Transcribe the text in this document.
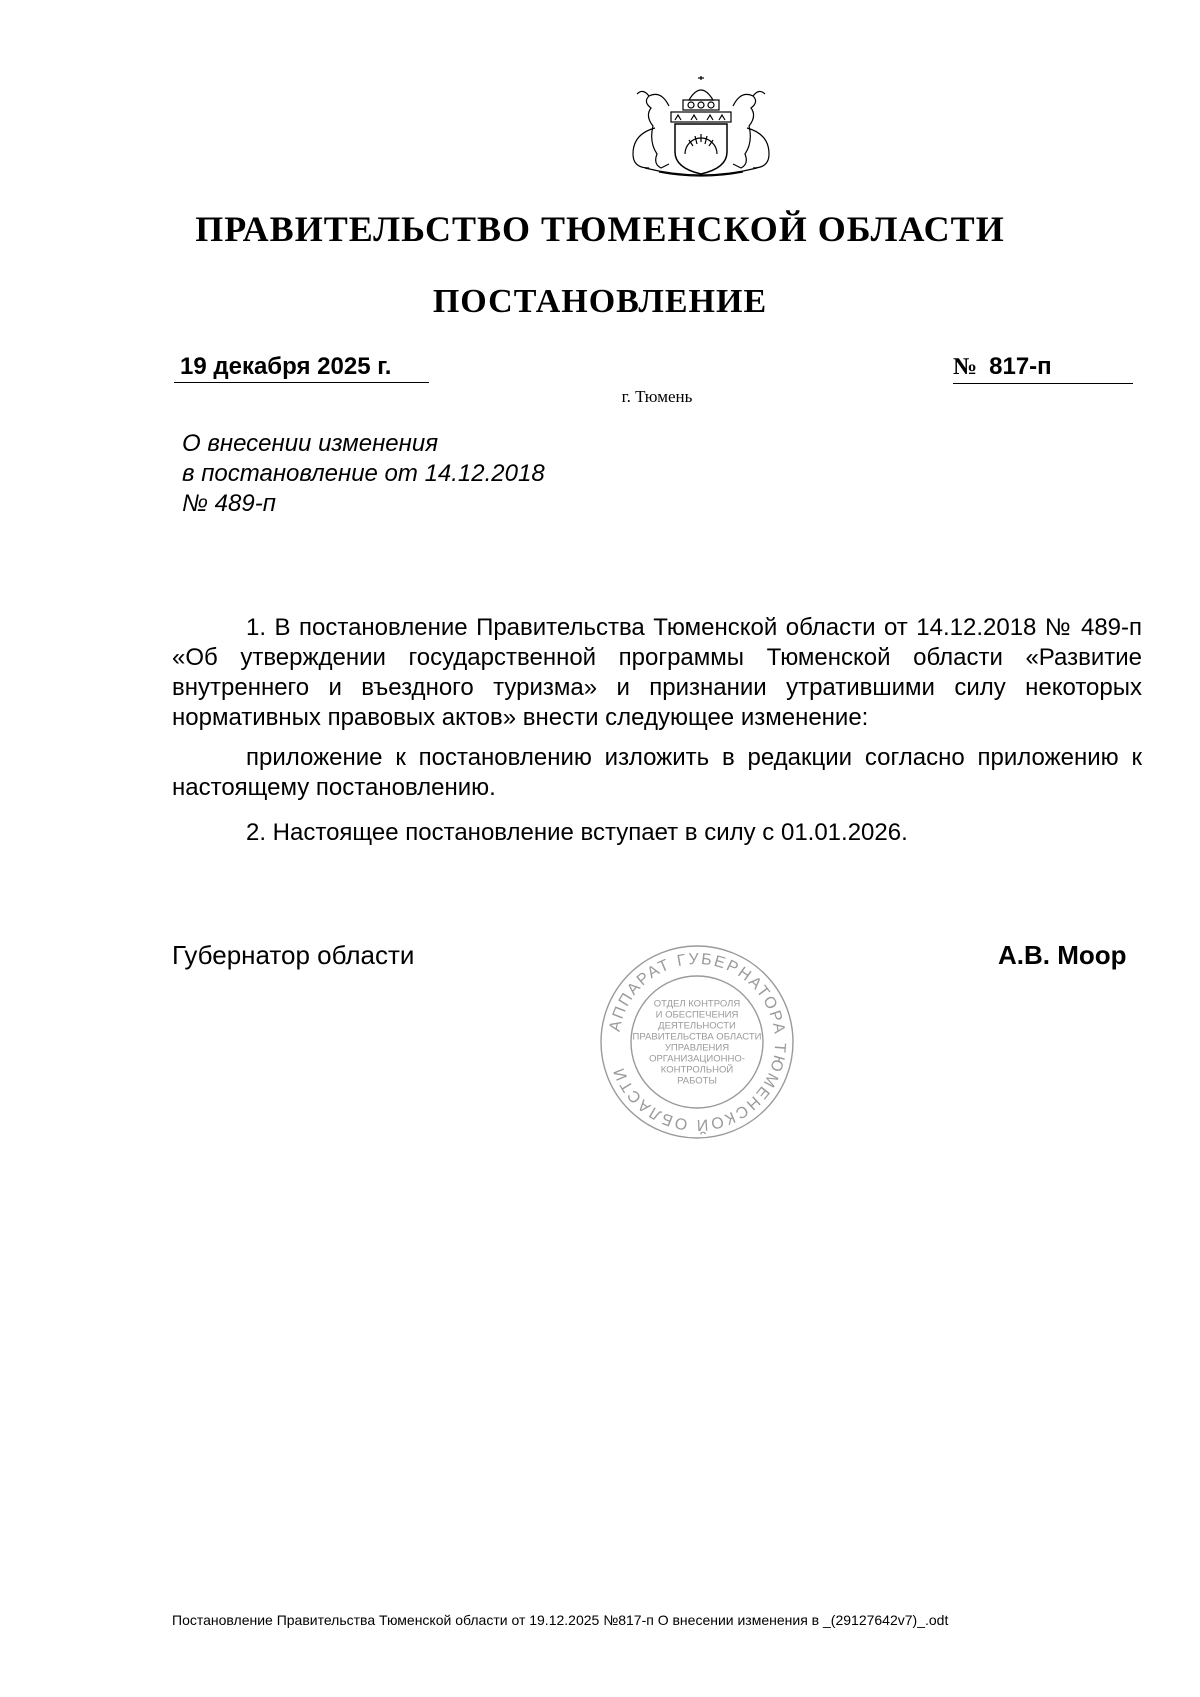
ПРАВИТЕЛЬСТВО ТЮМЕНСКОЙ ОБЛАСТИ
ПОСТАНОВЛЕНИЕ
19 декабря 2025 г.	№ 817-п
г. Тюмень
О внесении изменения
в постановление от 14.12.2018
№ 489-п
1. В постановление Правительства Тюменской области от 14.12.2018 № 489-п «Об утверждении государственной программы Тюменской области «Развитие внутреннего и въездного туризма» и признании утратившими силу некоторых нормативных правовых актов» внести следующее изменение:
приложение к постановлению изложить в редакции согласно приложению к настоящему постановлению.
2. Настоящее постановление вступает в силу с 01.01.2026.
Губернатор области	А.В. Моор
АППАРАТ ГУБЕРНАТОРА ТЮМЕНСКОЙ ОБЛАСТИ
ОТДЕЛ КОНТРОЛЯ
И ОБЕСПЕЧЕНИЯ
ДЕЯТЕЛЬНОСТИ
ПРАВИТЕЛЬСТВА ОБЛАСТИ
УПРАВЛЕНИЯ
ОРГАНИЗАЦИОННО-
КОНТРОЛЬНОЙ
РАБОТЫ
Постановление Правительства Тюменской области от 19.12.2025 №817-п О внесении изменения в _(29127642v7)_.odt
